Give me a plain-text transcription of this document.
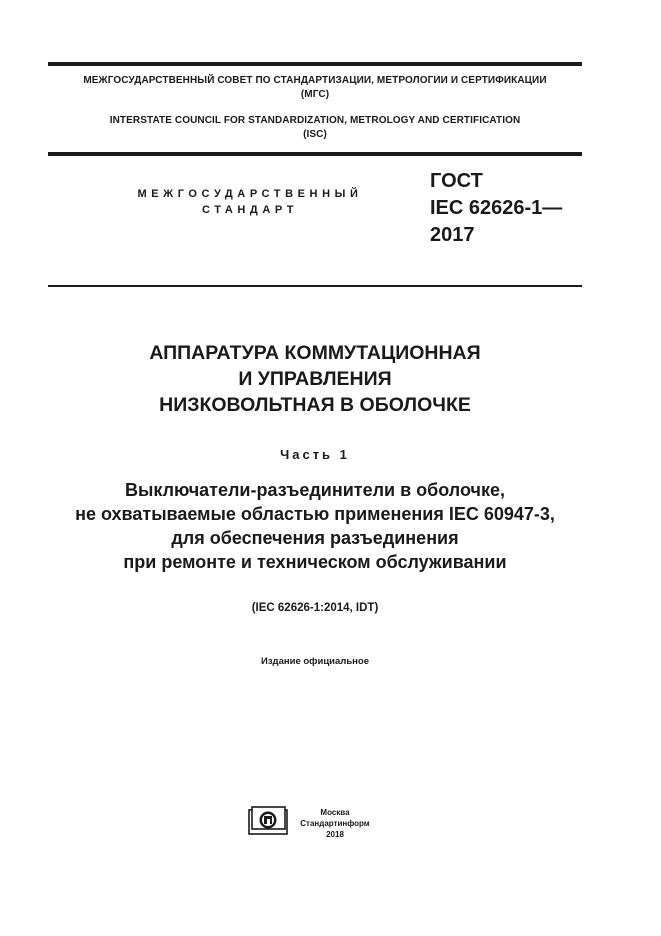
МЕЖГОСУДАРСТВЕННЫЙ СОВЕТ ПО СТАНДАРТИЗАЦИИ, МЕТРОЛОГИИ И СЕРТИФИКАЦИИ

(МГС)

INTERSTATE COUNCIL FOR STANDARDIZATION, METROLOGY AND CERTIFICATION

(ISC)

МЕЖГОСУДАРСТВЕННЫЙ

СТАНДАРТ

ГОСТ

IEC 62626-1—

2017

АППАРАТУРА КОММУТАЦИОННАЯ

И УПРАВЛЕНИЯ

НИЗКОВОЛЬТНАЯ В ОБОЛОЧКЕ

Часть 1

Выключатели-разъединители в оболочке,

не охватываемые областью применения IEC 60947-3,

для обеспечения разъединения

при ремонте и техническом обслуживании

(IEC 62626-1:2014, IDT)
Издание официальное

Москва

Стандартинформ

2018
